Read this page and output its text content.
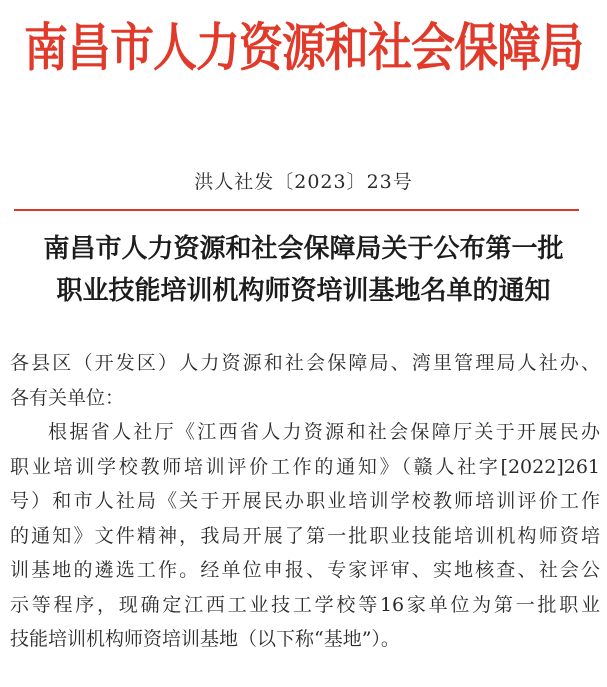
南昌市人力资源和社会保障局
洪人社发〔2023〕23号
南昌市人力资源和社会保障局关于公布第一批
职业技能培训机构师资培训基地名单的通知
各县区（开发区）人力资源和社会保障局、湾里管理局人社办、
各有关单位：
根据省人社厅《江西省人力资源和社会保障厅关于开展民办
职业培训学校教师培训评价工作的通知》（赣人社字[2022]261
号）和市人社局《关于开展民办职业培训学校教师培训评价工作
的通知》文件精神，我局开展了第一批职业技能培训机构师资培
训基地的遴选工作。经单位申报、专家评审、实地核查、社会公
示等程序，现确定江西工业技工学校等16家单位为第一批职业
技能培训机构师资培训基地（以下称“基地”）。
